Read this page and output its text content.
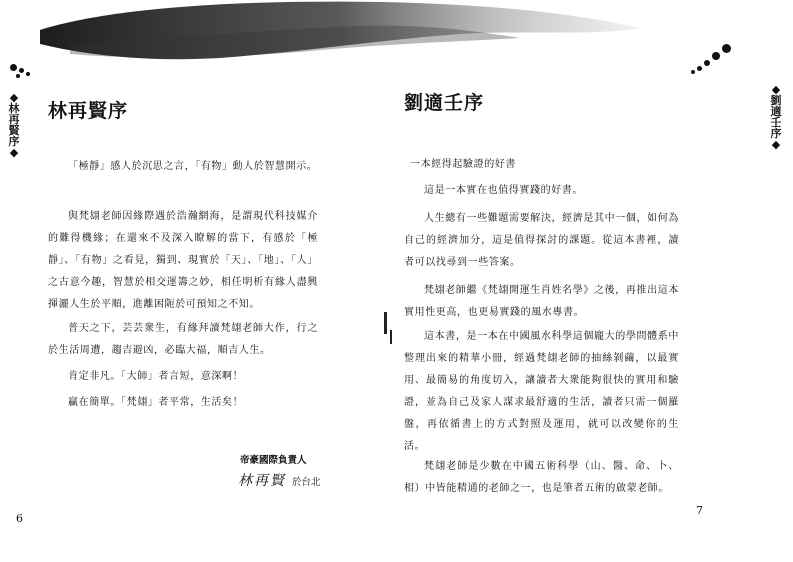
◆
林
再
賢
序
◆
林再賢序
「極靜」感人於沉思之言，「有物」動人於智慧開示。
與梵翃老師因緣際遇於浩瀚網海，是謂現代科技媒介的難得機緣；在還來不及深入瞭解的當下，有感於「極靜」、「有物」之看見，獨到、現實於「天」、「地」、「人」之古意今趣，智慧於相交運籌之妙，相任明析有緣人盡興揮灑人生於平順，進離困阨於可預知之不知。
普天之下，芸芸衆生，有緣拜讀梵翃老師大作，行之於生活周遭，趨吉避凶，必臨大福，順吉人生。
肯定非凡。「大師」者言短，意深啊！
贏在簡單。「梵翃」者平常，生活矣！
帝豪國際負責人
林再賢 於台北
6
◆
劉
適
壬
序
◆
劉適壬序
一本經得起驗證的好書
這是一本實在也值得實踐的好書。
人生總有一些難題需要解決，經濟是其中一個，如何為自己的經濟加分，這是值得探討的課題。從這本書裡，讀者可以找尋到一些答案。
梵翃老師繼《梵翃開運生肖姓名學》之後，再推出這本實用性更高，也更易實踐的風水專書。
這本書，是一本在中國風水科學這個龐大的學問體系中整理出來的精華小冊，經過梵翃老師的抽絲剝繭，以最實用、最簡易的角度切入，讓讀者大衆能夠很快的實用和驗證，並為自己及家人謀求最舒適的生活，讀者只需一個羅盤，再依循書上的方式對照及運用，就可以改變你的生活。
梵翃老師是少數在中國五術科學（山、醫、命、卜、相）中皆能精通的老師之一，也是筆者五術的啟蒙老師。
7
